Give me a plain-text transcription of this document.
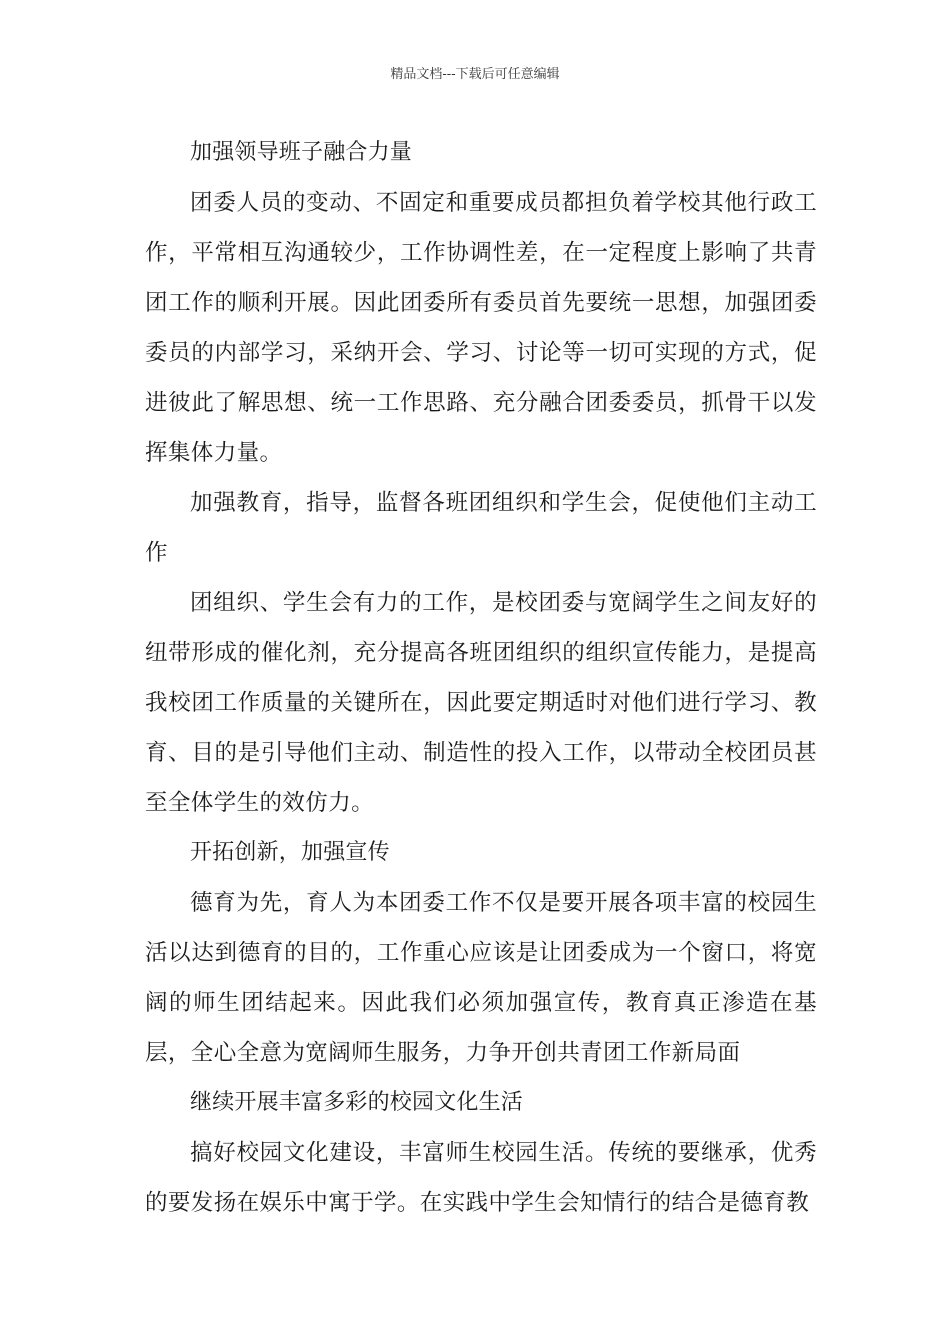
精品文档---下载后可任意编辑

加强领导班子融合力量

团委人员的变动、不固定和重要成员都担负着学校其他行政工作，平常相互沟通较少，工作协调性差，在一定程度上影响了共青团工作的顺利开展。因此团委所有委员首先要统一思想，加强团委委员的内部学习，采纳开会、学习、讨论等一切可实现的方式，促进彼此了解思想、统一工作思路、充分融合团委委员，抓骨干以发挥集体力量。

加强教育，指导，监督各班团组织和学生会，促使他们主动工作

团组织、学生会有力的工作，是校团委与宽阔学生之间友好的纽带形成的催化剂，充分提高各班团组织的组织宣传能力，是提高我校团工作质量的关键所在，因此要定期适时对他们进行学习、教育、目的是引导他们主动、制造性的投入工作，以带动全校团员甚至全体学生的效仿力。

开拓创新，加强宣传

德育为先，育人为本团委工作不仅是要开展各项丰富的校园生活以达到德育的目的，工作重心应该是让团委成为一个窗口，将宽阔的师生团结起来。因此我们必须加强宣传，教育真正渗造在基层，全心全意为宽阔师生服务，力争开创共青团工作新局面

继续开展丰富多彩的校园文化生活

搞好校园文化建设，丰富师生校园生活。传统的要继承，优秀的要发扬在娱乐中寓于学。在实践中学生会知情行的结合是德育教
